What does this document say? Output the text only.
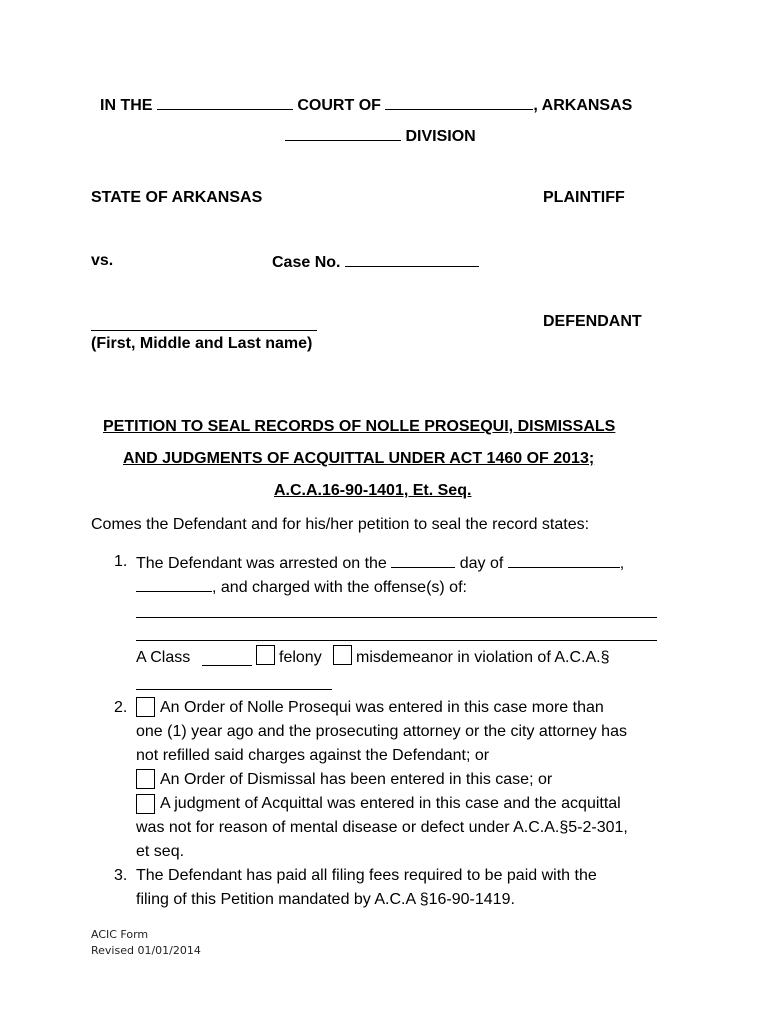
IN THE	COURT OF	, ARKANSAS
DIVISION
STATE OF ARKANSAS	PLAINTIFF
vs.	Case No.
DEFENDANT
(First, Middle and Last name)
PETITION TO SEAL RECORDS OF NOLLE PROSEQUI, DISMISSALS
AND JUDGMENTS OF ACQUITTAL UNDER ACT 1460 OF 2013;
A.C.A.16-90-1401, Et. Seq.
Comes the Defendant and for his/her petition to seal the record states:
1. The Defendant was arrested on the	day of	,
, and charged with the offense(s) of:
A Class	felony misdemeanor in violation of A.C.A.§
2. An Order of Nolle Prosequi was entered in this case more than
one (1) year ago and the prosecuting attorney or the city attorney has
not refilled said charges against the Defendant; or
An Order of Dismissal has been entered in this case; or
A judgment of Acquittal was entered in this case and the acquittal
was not for reason of mental disease or defect under A.C.A.§5-2-301,
et seq.
3. The Defendant has paid all filing fees required to be paid with the
filing of this Petition mandated by A.C.A §16-90-1419.
ACIC Form
Revised 01/01/2014
